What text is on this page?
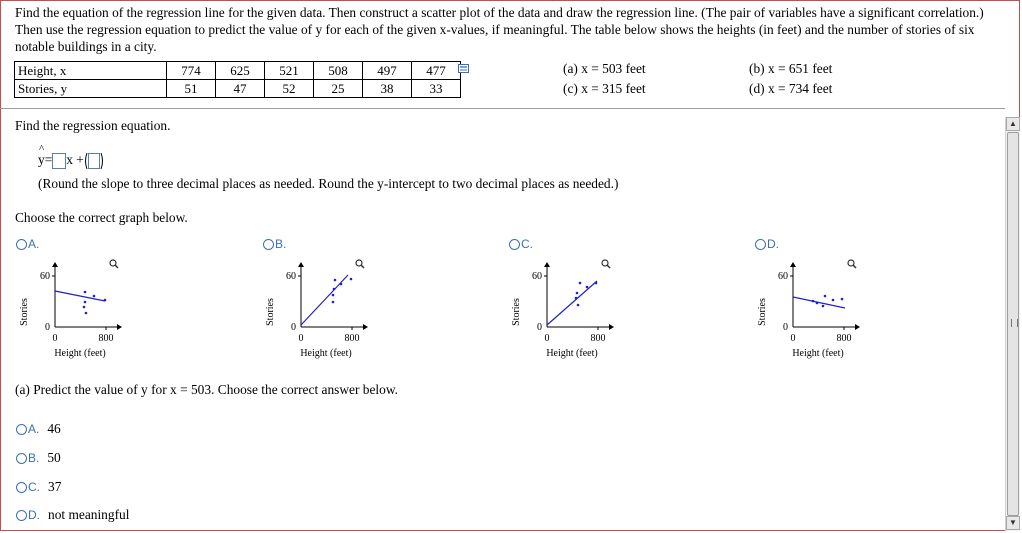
Find the equation of the regression line for the given data. Then construct a scatter plot of the data and draw the regression line. (The pair of variables have a significant correlation.) Then use the regression equation to predict the value of y for each of the given x-values, if meaningful. The table below shows the heights (in feet) and the number of stories of six notable buildings in a city.
Height, x	774	625	521	508	497	477
Stories, y	51	47	52	25	38	33
(a) x = 503 feet	(b) x = 651 feet
(c) x = 315 feet	(d) x = 734 feet
▲
▼
Find the regression equation.
^
y= x +
(Round the slope to three decimal places as needed. Round the y-intercept to two decimal places as needed.)
Choose the correct graph below.
A.	B.	C.	D.
Stories
60
0
0	800
Height (feet)
Stories
60
0
0	800
Height (feet)
Stories
60
0
0	800
Height (feet)
Stories
60
0
0	800
Height (feet)
(a) Predict the value of y for x = 503. Choose the correct answer below.
A. 46
B. 50
C. 37
D. not meaningful
